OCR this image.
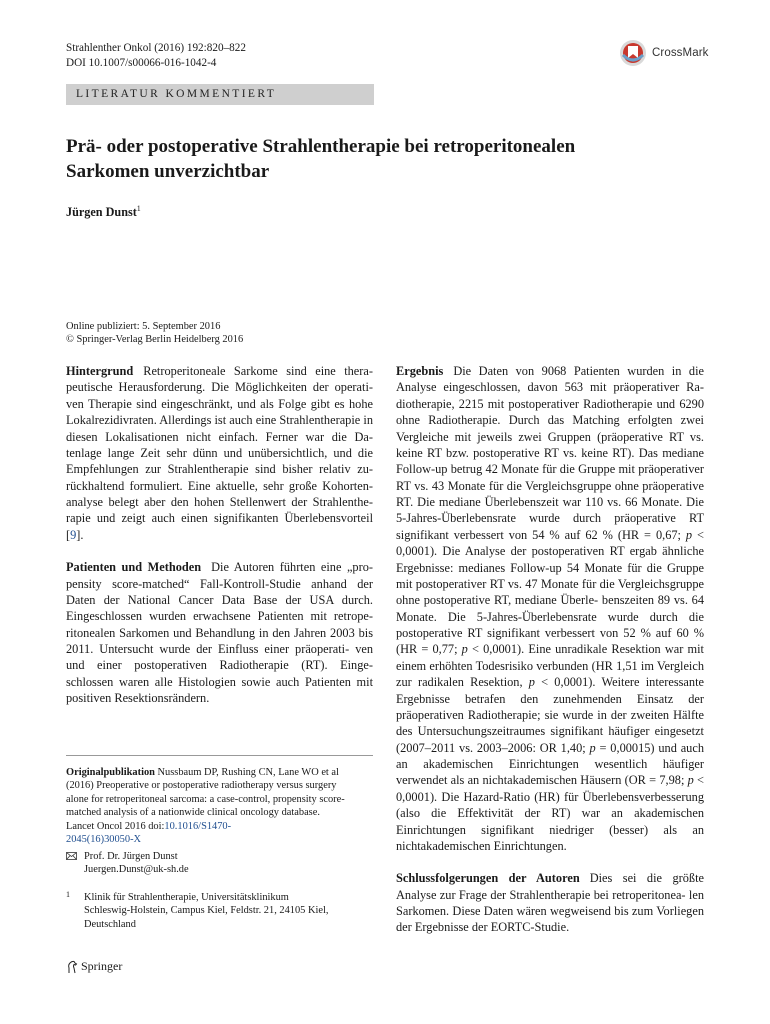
Strahlenther Onkol (2016) 192:820–822
DOI 10.1007/s00066-016-1042-4
CrossMark
LITERATUR KOMMENTIERT
Prä- oder postoperative Strahlentherapie bei retroperitonealen
Sarkomen unverzichtbar
Jürgen Dunst$^1$
Online publiziert: 5. September 2016
© Springer-Verlag Berlin Heidelberg 2016

Hintergrund Retroperitoneale Sarkome sind eine thera- peutische Herausforderung. Die Möglichkeiten der operati- ven Therapie sind eingeschränkt, und als Folge gibt es hohe Lokalrezidivraten. Allerdings ist auch eine Strahlentherapie in diesen Lokalisationen nicht einfach. Ferner war die Da- tenlage lange Zeit sehr dünn und unübersichtlich, und die Empfehlungen zur Strahlentherapie sind bisher relativ zu- rückhaltend formuliert. Eine aktuelle, sehr große Kohorten- analyse belegt aber den hohen Stellenwert der Strahlenthe- rapie und zeigt auch einen signifikanten Überlebensvorteil [9].

Patienten und Methoden Die Autoren führten eine „pro- pensity score-matched“ Fall-Kontroll-Studie anhand der Daten der National Cancer Data Base der USA durch. Eingeschlossen wurden erwachsene Patienten mit retrope- ritonealen Sarkomen und Behandlung in den Jahren 2003 bis 2011. Untersucht wurde der Einfluss einer präoperati- ven und einer postoperativen Radiotherapie (RT). Einge- schlossen waren alle Histologien sowie auch Patienten mit positiven Resektionsrändern.

Originalpublikation Nussbaum DP, Rushing CN, Lane WO et al (2016) Preoperative or postoperative radiotherapy versus surgery alone for retroperitoneal sarcoma: a case-control, propensity score-matched analysis of a nationwide clinical oncology database. Lancet Oncol 2016 doi:10.1016/S1470-
2045(16)30050-X
Prof. Dr. Jürgen Dunst
Juergen.Dunst@uk-sh.de
1 Klinik für Strahlentherapie, Universitätsklinikum
Schleswig-Holstein, Campus Kiel, Feldstr. 21, 24105 Kiel,
Deutschland
Springer

Ergebnis Die Daten von 9068 Patienten wurden in die Analyse eingeschlossen, davon 563 mit präoperativer Ra- diotherapie, 2215 mit postoperativer Radiotherapie und 6290 ohne Radiotherapie. Durch das Matching erfolgten zwei Vergleiche mit jeweils zwei Gruppen (präoperative RT vs. keine RT bzw. postoperative RT vs. keine RT). Das mediane Follow-up betrug 42 Monate für die Gruppe mit präoperativer RT vs. 43 Monate für die Vergleichsgruppe ohne präoperative RT. Die mediane Überlebenszeit war 110 vs. 66 Monate. Die 5-Jahres-Überlebensrate wurde durch präoperative RT signifikant verbessert von 54 % auf 62 % (HR = 0,67; p < 0,0001). Die Analyse der postoperativen RT ergab ähnliche Ergebnisse: medianes Follow-up 54 Monate für die Gruppe mit postoperativer RT vs. 47 Monate für die Vergleichsgruppe ohne postoperative RT, mediane Überle- benszeiten 89 vs. 64 Monate. Die 5-Jahres-Überlebensrate wurde durch die postoperative RT signifikant verbessert von 52 % auf 60 % (HR = 0,77; p < 0,0001). Eine unradikale Resektion war mit einem erhöhten Todesrisiko verbunden (HR 1,51 im Vergleich zur radikalen Resektion, p < 0,0001). Weitere interessante Ergebnisse betrafen den zunehmenden Einsatz der präoperativen Radiotherapie; sie wurde in der zweiten Hälfte des Untersuchungszeitraumes signifikant häufiger eingesetzt (2007–2011 vs. 2003–2006: OR 1,40; p = 0,00015) und auch an akademischen Einrichtungen wesentlich häufiger verwendet als an nichtakademischen Häusern (OR = 7,98; p < 0,0001). Die Hazard-Ratio (HR) für Überlebensverbesserung (also die Effektivität der RT) war an akademischen Einrichtungen signifikant niedriger (besser) als an nichtakademischen Einrichtungen.

Schlussfolgerungen der Autoren Dies sei die größte Analyse zur Frage der Strahlentherapie bei retroperitonea- len Sarkomen. Diese Daten wären wegweisend bis zum Vorliegen der Ergebnisse der EORTC-Studie.
